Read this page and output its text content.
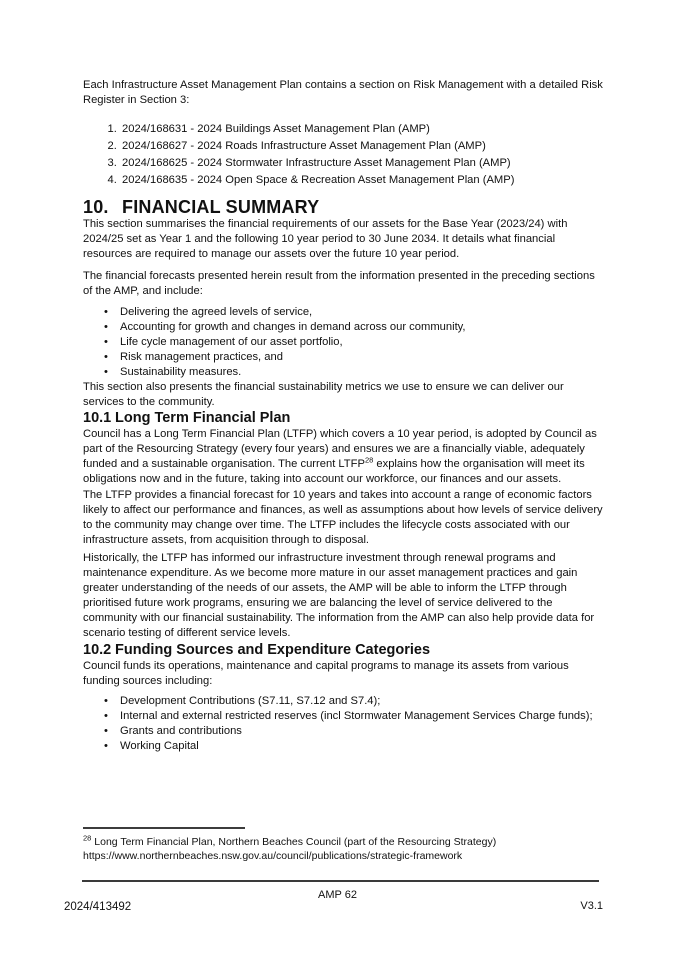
Each Infrastructure Asset Management Plan contains a section on Risk Management with a detailed Risk Register in Section 3:

1. 2024/168631 - 2024 Buildings Asset Management Plan (AMP)
2. 2024/168627 - 2024 Roads Infrastructure Asset Management Plan (AMP)
3. 2024/168625 - 2024 Stormwater Infrastructure Asset Management Plan (AMP)
4. 2024/168635 - 2024 Open Space & Recreation Asset Management Plan (AMP)
10. FINANCIAL SUMMARY

This section summarises the financial requirements of our assets for the Base Year (2023/24) with 2024/25 set as Year 1 and the following 10 year period to 30 June 2034. It details what financial resources are required to manage our assets over the future 10 year period.

The financial forecasts presented herein result from the information presented in the preceding sections of the AMP, and include:

• Delivering the agreed levels of service,
• Accounting for growth and changes in demand across our community,
• Life cycle management of our asset portfolio,
• Risk management practices, and
• Sustainability measures.

This section also presents the financial sustainability metrics we use to ensure we can deliver our services to the community.

10.1 Long Term Financial Plan

Council has a Long Term Financial Plan (LTFP) which covers a 10 year period, is adopted by Council as part of the Resourcing Strategy (every four years) and ensures we are a financially viable, adequately funded and a sustainable organisation. The current LTFP$^{28}$ explains how the organisation will meet its obligations now and in the future, taking into account our workforce, our finances and our assets.

The LTFP provides a financial forecast for 10 years and takes into account a range of economic factors likely to affect our performance and finances, as well as assumptions about how levels of service delivery to the community may change over time. The LTFP includes the lifecycle costs associated with our infrastructure assets, from acquisition through to disposal.

Historically, the LTFP has informed our infrastructure investment through renewal programs and maintenance expenditure. As we become more mature in our asset management practices and gain greater understanding of the needs of our assets, the AMP will be able to inform the LTFP through prioritised future work programs, ensuring we are balancing the level of service delivered to the community with our financial sustainability. The information from the AMP can also help provide data for scenario testing of different service levels.

10.2 Funding Sources and Expenditure Categories

Council funds its operations, maintenance and capital programs to manage its assets from various funding sources including:

• Development Contributions (S7.11, S7.12 and S7.4);
• Internal and external restricted reserves (incl Stormwater Management Services Charge funds);
• Grants and contributions
• Working Capital
$^{28}$ Long Term Financial Plan, Northern Beaches Council (part of the Resourcing Strategy)
https://www.northernbeaches.nsw.gov.au/council/publications/strategic-framework
AMP 62
2024/413492	V3.1
